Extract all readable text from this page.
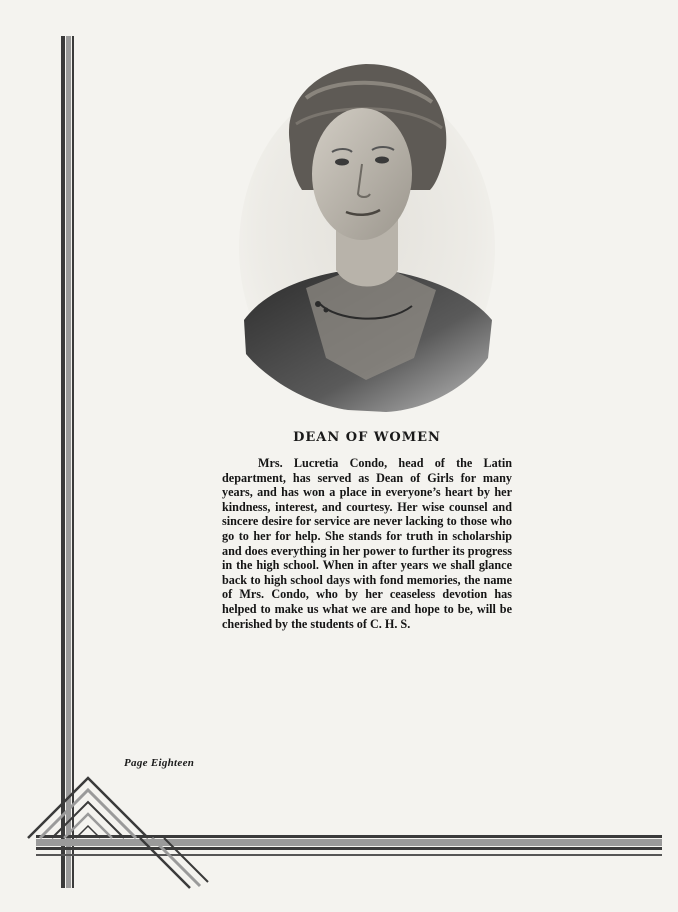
DEAN OF WOMEN

Mrs. Lucretia Condo, head of the Latin department, has served as Dean of Girls for many years, and has won a place in everyone’s heart by her kindness, interest, and courtesy. Her wise counsel and sincere desire for service are never lacking to those who go to her for help. She stands for truth in scholarship and does everything in her power to further its progress in the high school. When in after years we shall glance back to high school days with fond memories, the name of Mrs. Condo, who by her ceaseless devotion has helped to make us what we are and hope to be, will be cherished by the students of C. H. S.

Page Eighteen
